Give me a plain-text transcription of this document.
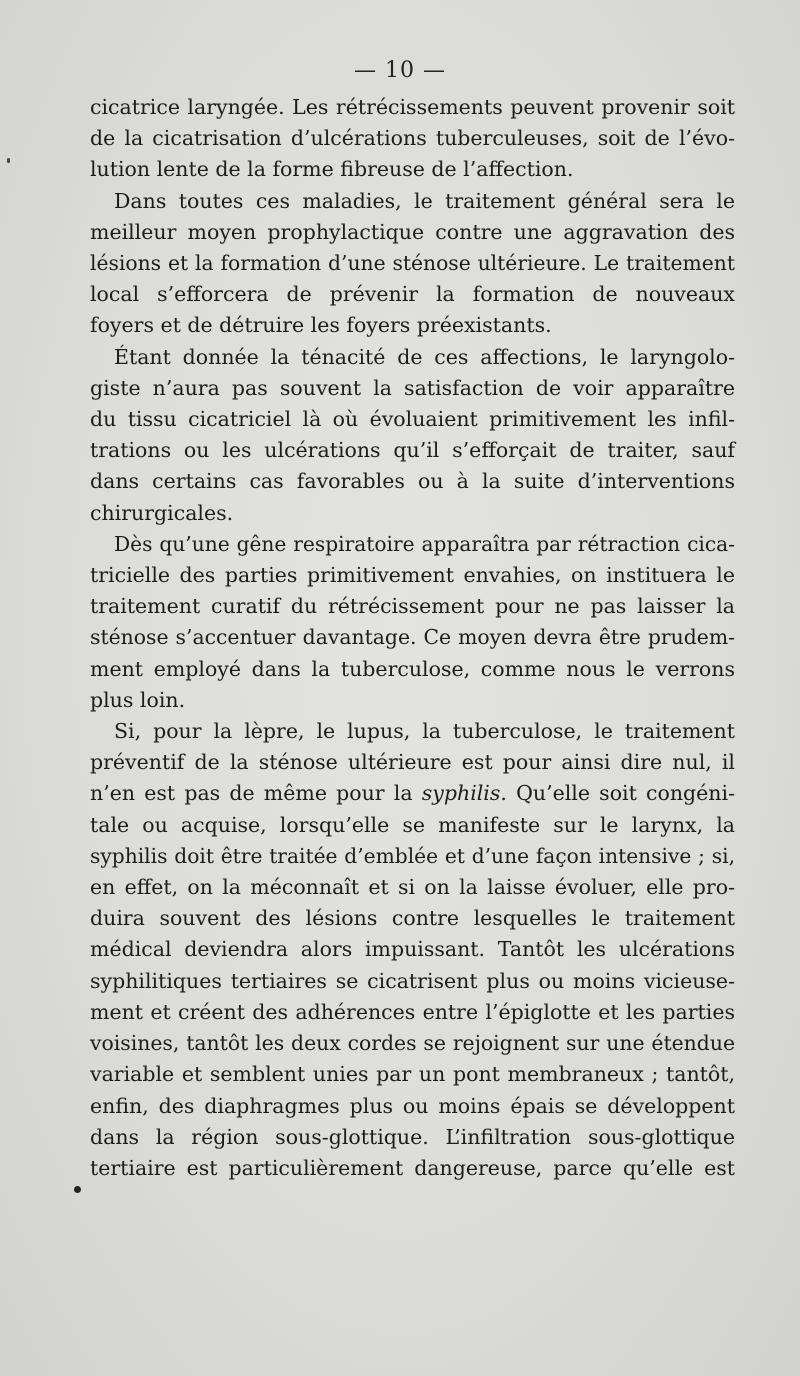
— 10 —

cicatrice laryngée. Les rétrécissements peuvent provenir soit
de la cicatrisation d’ulcérations tuberculeuses, soit de l’évo-
lution lente de la forme fibreuse de l’affection.

Dans toutes ces maladies, le traitement général sera le
meilleur moyen prophylactique contre une aggravation des
lésions et la formation d’une sténose ultérieure. Le traitement
local s’efforcera de prévenir la formation de nouveaux
foyers et de détruire les foyers préexistants.

Étant donnée la ténacité de ces affections, le laryngolo-
giste n’aura pas souvent la satisfaction de voir apparaître
du tissu cicatriciel là où évoluaient primitivement les infil-
trations ou les ulcérations qu’il s’efforçait de traiter, sauf
dans certains cas favorables ou à la suite d’interventions
chirurgicales.

Dès qu’une gêne respiratoire apparaîtra par rétraction cica-
tricielle des parties primitivement envahies, on instituera le
traitement curatif du rétrécissement pour ne pas laisser la
sténose s’accentuer davantage. Ce moyen devra être prudem-
ment employé dans la tuberculose, comme nous le verrons
plus loin.

Si, pour la lèpre, le lupus, la tuberculose, le traitement
préventif de la sténose ultérieure est pour ainsi dire nul, il
n’en est pas de même pour la syphilis. Qu’elle soit congéni-
tale ou acquise, lorsqu’elle se manifeste sur le larynx, la
syphilis doit être traitée d’emblée et d’une façon intensive ; si,
en effet, on la méconnaît et si on la laisse évoluer, elle pro-
duira souvent des lésions contre lesquelles le traitement
médical deviendra alors impuissant. Tantôt les ulcérations
syphilitiques tertiaires se cicatrisent plus ou moins vicieuse-
ment et créent des adhérences entre l’épiglotte et les parties
voisines, tantôt les deux cordes se rejoignent sur une étendue
variable et semblent unies par un pont membraneux ; tantôt,
enfin, des diaphragmes plus ou moins épais se développent
dans la région sous-glottique. L’infiltration sous-glottique
tertiaire est particulièrement dangereuse, parce qu’elle est
